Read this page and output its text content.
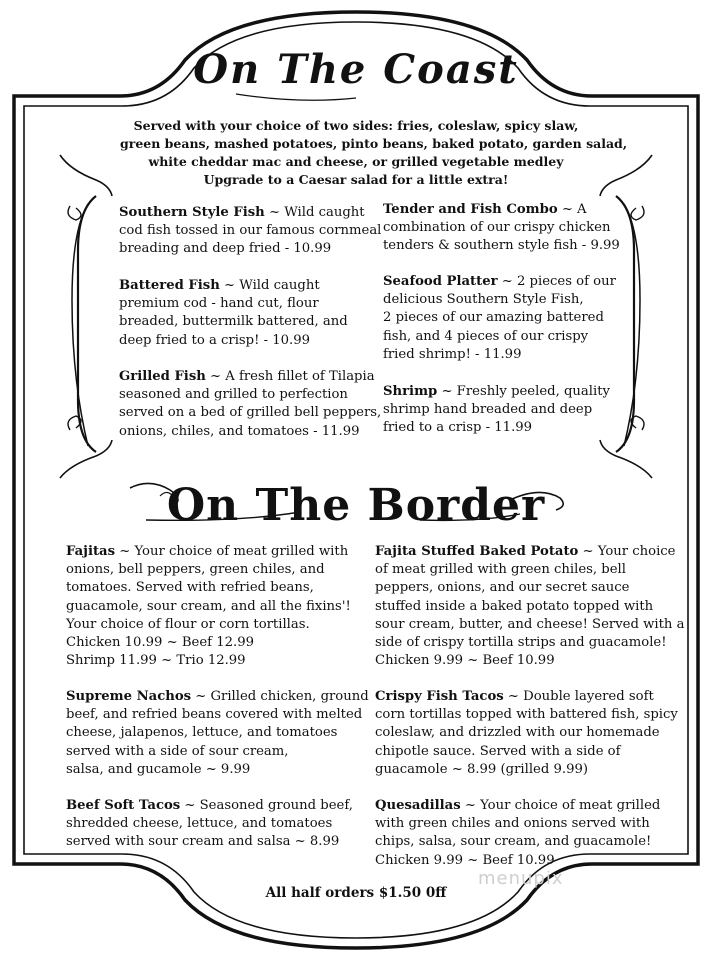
On The Coast
Served with your choice of two sides: fries, coleslaw, spicy slaw,
green beans, mashed potatoes, pinto beans, baked potato, garden salad,
white cheddar mac and cheese, or grilled vegetable medley
Upgrade to a Caesar salad for a little extra!
Southern Style Fish ~ Wild caught
cod fish tossed in our famous cornmeal
breading and deep fried - 10.99
Battered Fish ~ Wild caught
premium cod - hand cut, flour
breaded, buttermilk battered, and
deep fried to a crisp! - 10.99
Grilled Fish ~ A fresh fillet of Tilapia
seasoned and grilled to perfection
served on a bed of grilled bell peppers,
onions, chiles, and tomatoes - 11.99
Tender and Fish Combo ~ A
combination of our crispy chicken
tenders & southern style fish - 9.99
Seafood Platter ~ 2 pieces of our
delicious Southern Style Fish,
2 pieces of our amazing battered
fish, and 4 pieces of our crispy
fried shrimp! - 11.99
Shrimp ~ Freshly peeled, quality
shrimp hand breaded and deep
fried to a crisp - 11.99
On The Border
Fajitas ~ Your choice of meat grilled with
onions, bell peppers, green chiles, and
tomatoes. Served with refried beans,
guacamole, sour cream, and all the fixins'!
Your choice of flour or corn tortillas.
Chicken 10.99 ~ Beef 12.99
Shrimp 11.99 ~ Trio 12.99
Supreme Nachos ~ Grilled chicken, ground
beef, and refried beans covered with melted
cheese, jalapenos, lettuce, and tomatoes
served with a side of sour cream,
salsa, and gucamole ~ 9.99
Beef Soft Tacos ~ Seasoned ground beef,
shredded cheese, lettuce, and tomatoes
served with sour cream and salsa ~ 8.99
Fajita Stuffed Baked Potato ~ Your choice
of meat grilled with green chiles, bell
peppers, onions, and our secret sauce
stuffed inside a baked potato topped with
sour cream, butter, and cheese! Served with a
side of crispy tortilla strips and guacamole!
Chicken 9.99 ~ Beef 10.99
Crispy Fish Tacos ~ Double layered soft
corn tortillas topped with battered fish, spicy
coleslaw, and drizzled with our homemade
chipotle sauce. Served with a side of
guacamole ~ 8.99 (grilled 9.99)
Quesadillas ~ Your choice of meat grilled
with green chiles and onions served with
chips, salsa, sour cream, and guacamole!
Chicken 9.99 ~ Beef 10.99
All half orders $1.50 0ff
menupix
